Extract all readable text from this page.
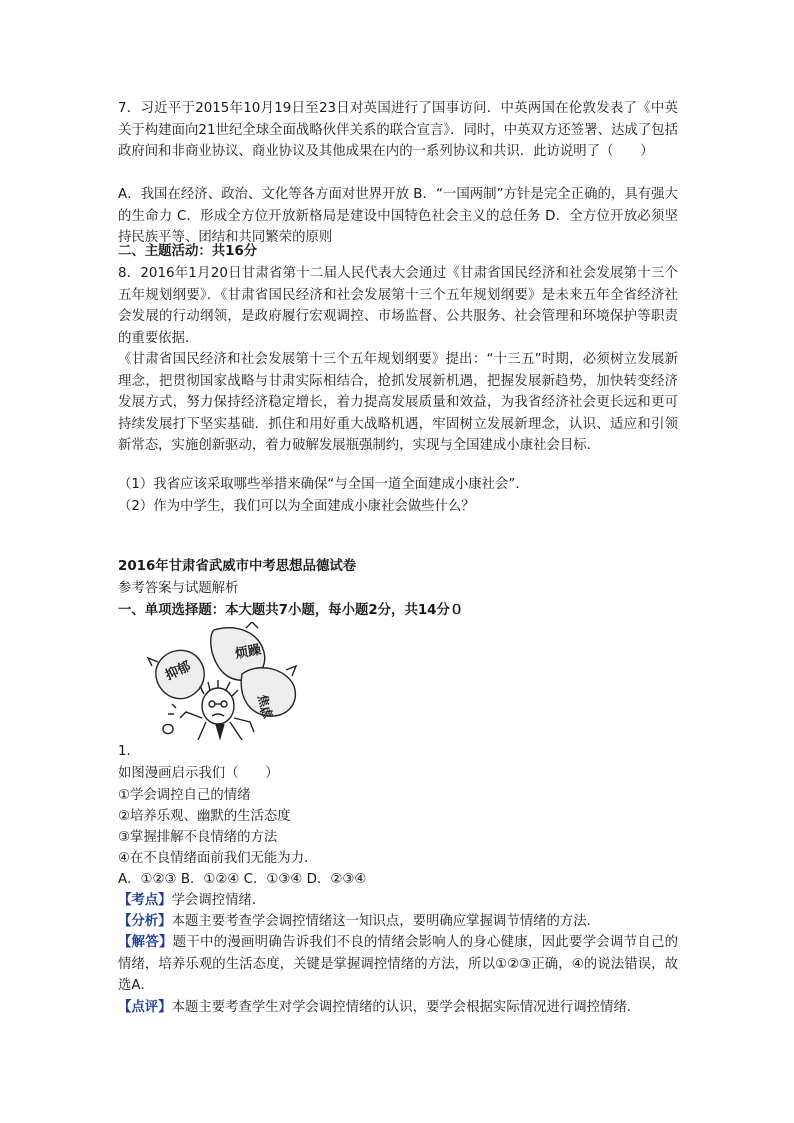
7．习近平于2015年10月19日至23日对英国进行了国事访问．中英两国在伦敦发表了《中英关于构建面向21世纪全球全面战略伙伴关系的联合宣言》．同时，中英双方还签署、达成了包括政府间和非商业协议、商业协议及其他成果在内的一系列协议和共识．此访说明了（　　）

A．我国在经济、政治、文化等各方面对世界开放 B．“一国两制”方针是完全正确的，具有强大的生命力 C．形成全方位开放新格局是建设中国特色社会主义的总任务 D．全方位开放必须坚持民族平等、团结和共同繁荣的原则

二、主题活动：共16分

8．2016年1月20日甘肃省第十二届人民代表大会通过《甘肃省国民经济和社会发展第十三个五年规划纲要》．《甘肃省国民经济和社会发展第十三个五年规划纲要》是未来五年全省经济社会发展的行动纲领，是政府履行宏观调控、市场监督、公共服务、社会管理和环境保护等职责的重要依据．

《甘肃省国民经济和社会发展第十三个五年规划纲要》提出：“十三五”时期，必须树立发展新理念，把贯彻国家战略与甘肃实际相结合，抢抓发展新机遇，把握发展新趋势，加快转变经济发展方式，努力保持经济稳定增长，着力提高发展质量和效益，为我省经济社会更长远和更可持续发展打下坚实基础．抓住和用好重大战略机遇，牢固树立发展新理念，认识、适应和引领新常态，实施创新驱动，着力破解发展瓶强制约，实现与全国建成小康社会目标．

（1）我省应该采取哪些举措来确保“与全国一道全面建成小康社会”．

（2）作为中学生，我们可以为全面建成小康社会做些什么？

2016年甘肃省武威市中考思想品德试卷

参考答案与试题解析

一、单项选择题：本大题共7小题，每小题2分，共14分０

烦躁
抑郁
焦虑

1．

如图漫画启示我们（　　）

①学会调控自己的情绪

②培养乐观、幽默的生活态度

③掌握排解不良情绪的方法

④在不良情绪面前我们无能为力．

A．①②③ B．①②④ C．①③④ D．②③④

【考点】学会调控情绪．

【分析】本题主要考查学会调控情绪这一知识点，要明确应掌握调节情绪的方法．

【解答】题干中的漫画明确告诉我们不良的情绪会影响人的身心健康，因此要学会调节自己的情绪，培养乐观的生活态度，关键是掌握调控情绪的方法，所以①②③正确，④的说法错误，故选A．

【点评】本题主要考查学生对学会调控情绪的认识，要学会根据实际情况进行调控情绪．
